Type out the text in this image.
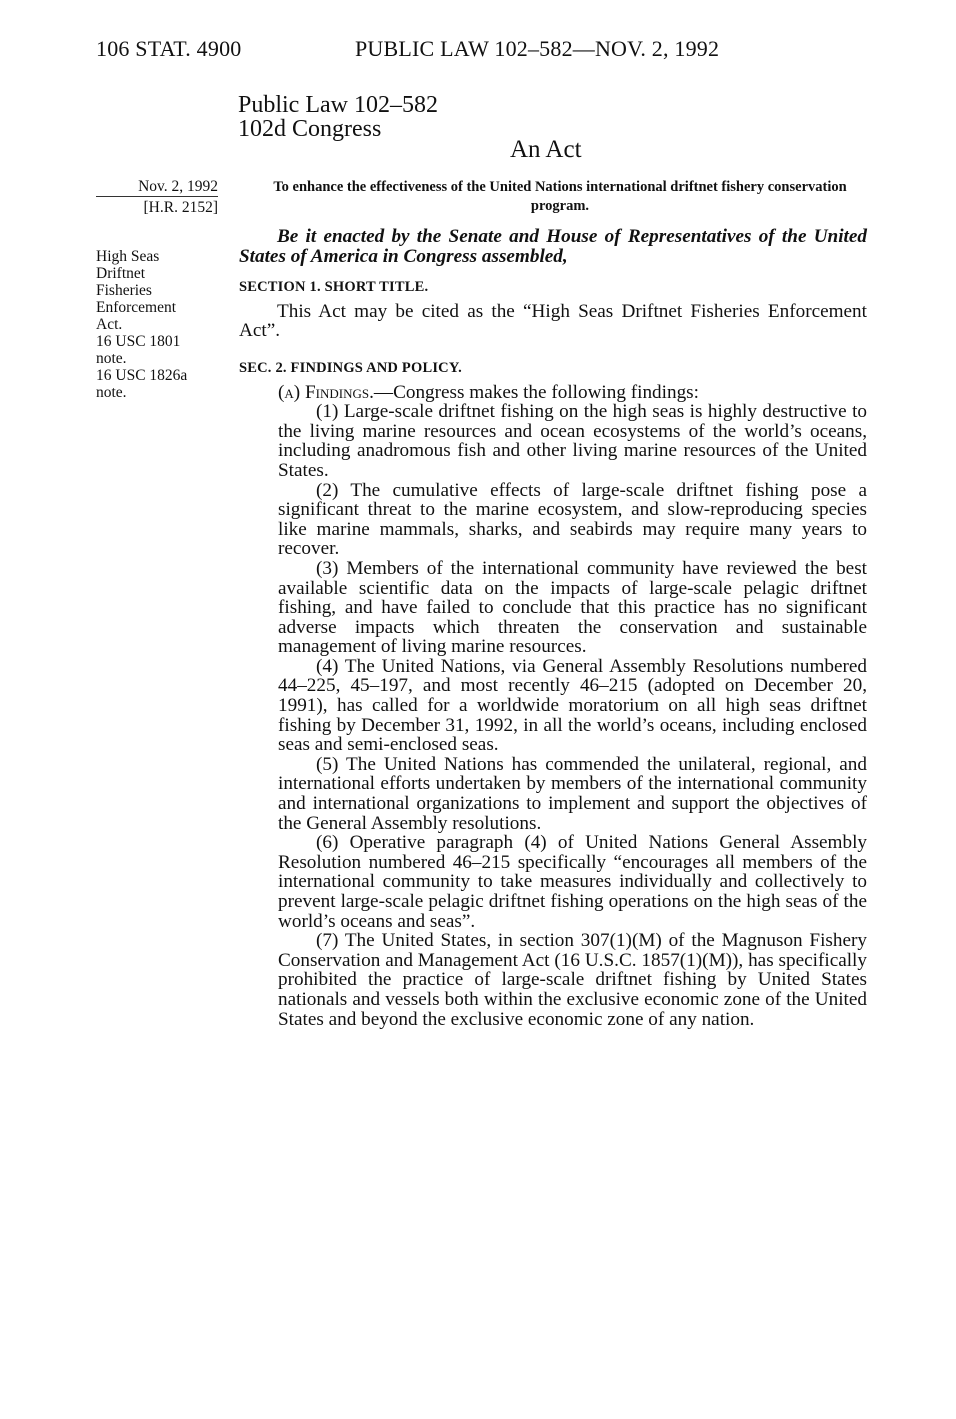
106 STAT. 4900	PUBLIC LAW 102–582—NOV. 2, 1992
Public Law 102–582
102d Congress
An Act
Nov. 2, 1992
[H.R. 2152]
High Seas
Driftnet
Fisheries
Enforcement
Act.
16 USC 1801
note.
16 USC 1826a
note.
To enhance the effectiveness of the United Nations international driftnet fishery conservation program.

Be it enacted by the Senate and House of Representatives of the United States of America in Congress assembled,

SECTION 1. SHORT TITLE.

This Act may be cited as the “High Seas Driftnet Fisheries Enforcement Act”.

SEC. 2. FINDINGS AND POLICY.

(a) Findings.—Congress makes the following findings:

(1) Large-scale driftnet fishing on the high seas is highly destructive to the living marine resources and ocean ecosystems of the world’s oceans, including anadromous fish and other living marine resources of the United States.

(2) The cumulative effects of large-scale driftnet fishing pose a significant threat to the marine ecosystem, and slow-reproducing species like marine mammals, sharks, and seabirds may require many years to recover.

(3) Members of the international community have reviewed the best available scientific data on the impacts of large-scale pelagic driftnet fishing, and have failed to conclude that this practice has no significant adverse impacts which threaten the conservation and sustainable management of living marine resources.

(4) The United Nations, via General Assembly Resolutions numbered 44–225, 45–197, and most recently 46–215 (adopted on December 20, 1991), has called for a worldwide moratorium on all high seas driftnet fishing by December 31, 1992, in all the world’s oceans, including enclosed seas and semi-enclosed seas.

(5) The United Nations has commended the unilateral, regional, and international efforts undertaken by members of the international community and international organizations to implement and support the objectives of the General Assembly resolutions.

(6) Operative paragraph (4) of United Nations General Assembly Resolution numbered 46–215 specifically “encourages all members of the international community to take measures individually and collectively to prevent large-scale pelagic driftnet fishing operations on the high seas of the world’s oceans and seas”.

(7) The United States, in section 307(1)(M) of the Magnuson Fishery Conservation and Management Act (16 U.S.C. 1857(1)(M)), has specifically prohibited the practice of large-scale driftnet fishing by United States nationals and vessels both within the exclusive economic zone of the United States and beyond the exclusive economic zone of any nation.
